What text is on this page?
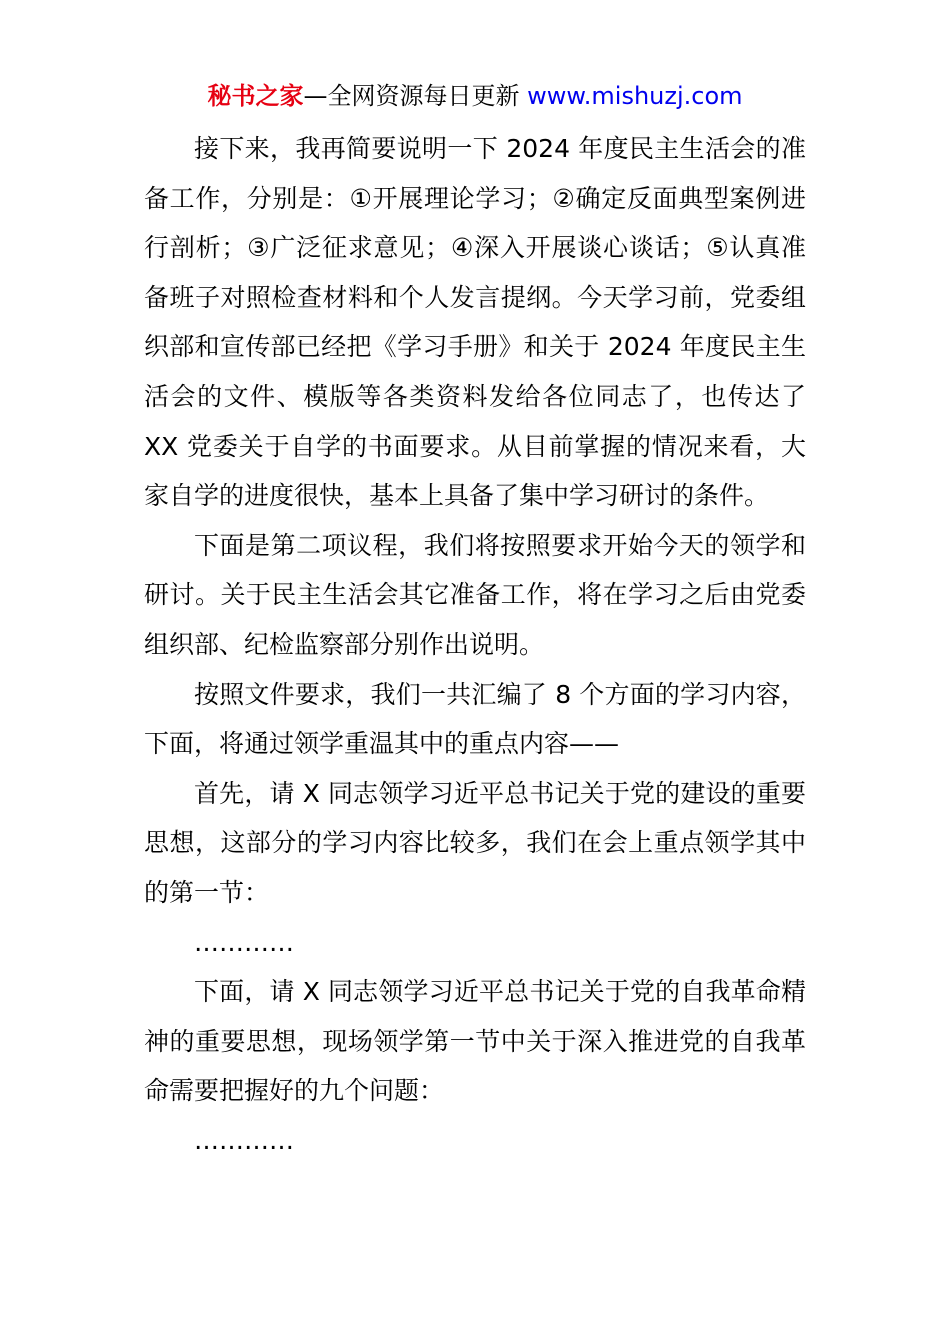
秘书之家—全网资源每日更新 www.mishuzj.com

接下来，我再简要说明一下 2024 年度民主生活会的准备工作，分别是：①开展理论学习；②确定反面典型案例进行剖析；③广泛征求意见；④深入开展谈心谈话；⑤认真准备班子对照检查材料和个人发言提纲。今天学习前，党委组织部和宣传部已经把《学习手册》和关于 2024 年度民主生活会的文件、模版等各类资料发给各位同志了，也传达了 XX 党委关于自学的书面要求。从目前掌握的情况来看，大家自学的进度很快，基本上具备了集中学习研讨的条件。

下面是第二项议程，我们将按照要求开始今天的领学和研讨。关于民主生活会其它准备工作，将在学习之后由党委组织部、纪检监察部分别作出说明。

按照文件要求，我们一共汇编了 8 个方面的学习内容，下面，将通过领学重温其中的重点内容——

首先，请 X 同志领学习近平总书记关于党的建设的重要思想，这部分的学习内容比较多，我们在会上重点领学其中的第一节：

…………

下面，请 X 同志领学习近平总书记关于党的自我革命精神的重要思想，现场领学第一节中关于深入推进党的自我革命需要把握好的九个问题：

…………
